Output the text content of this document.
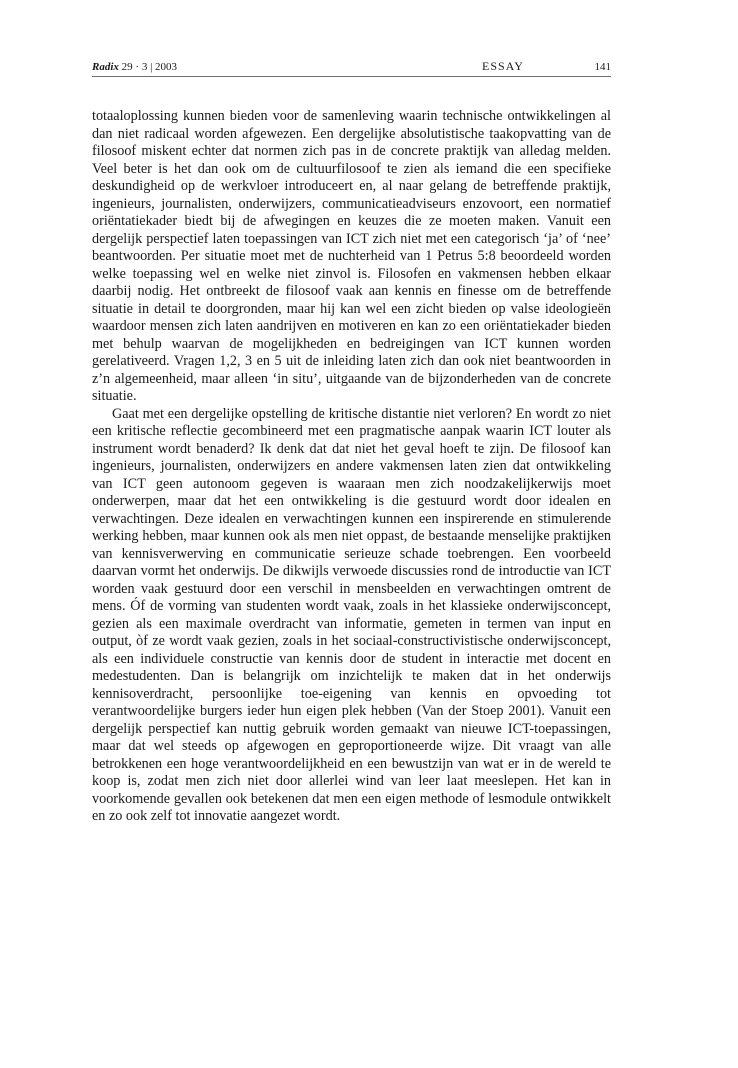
Radix 29 · 3 | 2003	ESSAY	141

totaaloplossing kunnen bieden voor de samenleving waarin technische ontwikkelingen al dan niet radicaal worden afgewezen. Een dergelijke absolutistische taakopvatting van de filosoof miskent echter dat normen zich pas in de concrete praktijk van alledag melden. Veel beter is het dan ook om de cultuurfilosoof te zien als iemand die een specifieke deskundigheid op de werkvloer introduceert en, al naar gelang de betreffende praktijk, ingenieurs, journalisten, onderwijzers, communicatieadviseurs enzovoort, een normatief oriëntatiekader biedt bij de afwegingen en keuzes die ze moeten maken. Vanuit een dergelijk perspectief laten toepassingen van ICT zich niet met een categorisch ‘ja’ of ‘nee’ beantwoorden. Per situatie moet met de nuchterheid van 1 Petrus 5:8 beoordeeld worden welke toepassing wel en welke niet zinvol is. Filosofen en vakmensen hebben elkaar daarbij nodig. Het ontbreekt de filosoof vaak aan kennis en finesse om de betreffende situatie in detail te doorgronden, maar hij kan wel een zicht bieden op valse ideologieën waardoor mensen zich laten aandrijven en motiveren en kan zo een oriëntatiekader bieden met behulp waarvan de mogelijkheden en bedreigingen van ICT kunnen worden gerelativeerd. Vragen 1,2, 3 en 5 uit de inleiding laten zich dan ook niet beantwoorden in z’n algemeenheid, maar alleen ‘in situ’, uitgaande van de bijzonderheden van de concrete situatie.

Gaat met een dergelijke opstelling de kritische distantie niet verloren? En wordt zo niet een kritische reflectie gecombineerd met een pragmatische aanpak waarin ICT louter als instrument wordt benaderd? Ik denk dat dat niet het geval hoeft te zijn. De filosoof kan ingenieurs, journalisten, onderwijzers en andere vakmensen laten zien dat ontwikkeling van ICT geen autonoom gegeven is waaraan men zich noodzakelijkerwijs moet onderwerpen, maar dat het een ontwikkeling is die gestuurd wordt door idealen en verwachtingen. Deze idealen en verwachtingen kunnen een inspirerende en stimulerende werking hebben, maar kunnen ook als men niet oppast, de bestaande menselijke praktijken van kennisverwerving en communicatie serieuze schade toebrengen. Een voorbeeld daarvan vormt het onderwijs. De dikwijls verwoede discussies rond de introductie van ICT worden vaak gestuurd door een verschil in mensbeelden en verwachtingen omtrent de mens. Óf de vorming van studenten wordt vaak, zoals in het klassieke onderwijsconcept, gezien als een maximale overdracht van informatie, gemeten in termen van input en output, òf ze wordt vaak gezien, zoals in het sociaal-constructivistische onderwijsconcept, als een individuele constructie van kennis door de student in interactie met docent en medestudenten. Dan is belangrijk om inzichtelijk te maken dat in het onderwijs kennisoverdracht, persoonlijke toe-eigening van kennis en opvoeding tot verantwoordelijke burgers ieder hun eigen plek hebben (Van der Stoep 2001). Vanuit een dergelijk perspectief kan nuttig gebruik worden gemaakt van nieuwe ICT-toepassingen, maar dat wel steeds op afgewogen en geproportioneerde wijze. Dit vraagt van alle betrokkenen een hoge verantwoordelijkheid en een bewustzijn van wat er in de wereld te koop is, zodat men zich niet door allerlei wind van leer laat meeslepen. Het kan in voorkomende gevallen ook betekenen dat men een eigen methode of lesmodule ontwikkelt en zo ook zelf tot innovatie aangezet wordt.
